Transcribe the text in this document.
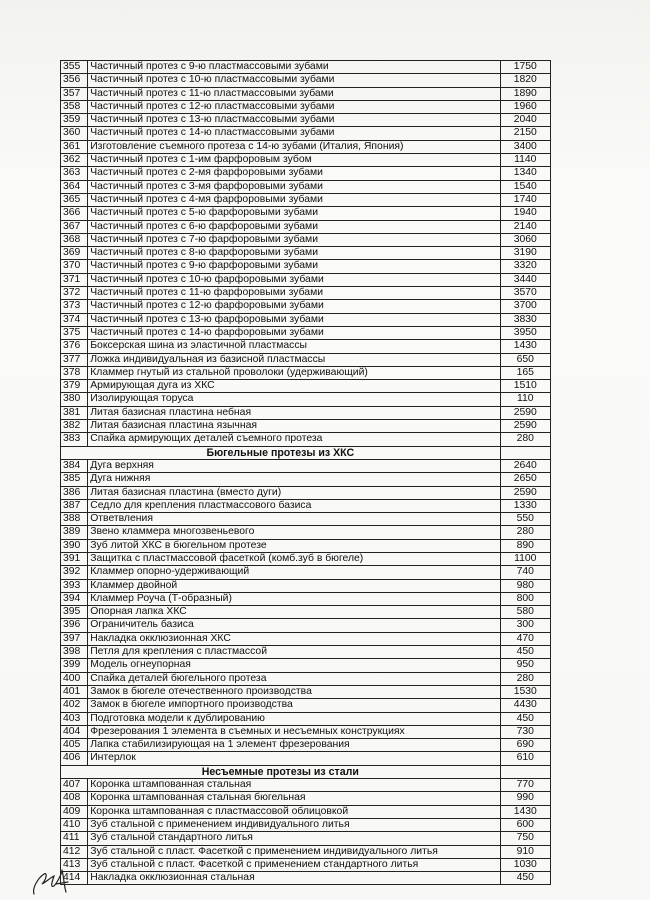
355	Частичный протез с 9-ю пластмассовыми зубами	1750
356	Частичный протез с 10-ю пластмассовыми зубами	1820
357	Частичный протез с 11-ю пластмассовыми зубами	1890
358	Частичный протез с 12-ю пластмассовыми зубами	1960
359	Частичный протез с 13-ю пластмассовыми зубами	2040
360	Частичный протез с 14-ю пластмассовыми зубами	2150
361	Изготовление съемного протеза с 14-ю зубами (Италия, Япония)	3400
362	Частичный протез с 1-им фарфоровым зубом	1140
363	Частичный протез с 2-мя фарфоровыми зубами	1340
364	Частичный протез с 3-мя фарфоровыми зубами	1540
365	Частичный протез с 4-мя фарфоровыми зубами	1740
366	Частичный протез с 5-ю фарфоровыми зубами	1940
367	Частичный протез с 6-ю фарфоровыми зубами	2140
368	Частичный протез с 7-ю фарфоровыми зубами	3060
369	Частичный протез с 8-ю фарфоровыми зубами	3190
370	Частичный протез с 9-ю фарфоровыми зубами	3320
371	Частичный протез с 10-ю фарфоровыми зубами	3440
372	Частичный протез с 11-ю фарфоровыми зубами	3570
373	Частичный протез с 12-ю фарфоровыми зубами	3700
374	Частичный протез с 13-ю фарфоровыми зубами	3830
375	Частичный протез с 14-ю фарфоровыми зубами	3950
376	Боксерская шина из эластичной пластмассы	1430
377	Ложка индивидуальная из базисной пластмассы	650
378	Кламмер гнутый из стальной проволоки (удерживающий)	165
379	Армирующая дуга из ХКС	1510
380	Изолирующая торуса	110
381	Литая базисная пластина небная	2590
382	Литая базисная пластина язычная	2590
383	Спайка армирующих деталей съемного протеза	280
Бюгельные протезы из ХКС		
384	Дуга верхняя	2640
385	Дуга нижняя	2650
386	Литая базисная пластина (вместо дуги)	2590
387	Седло для крепления пластмассового базиса	1330
388	Ответвления	550
389	Звено кламмера многозвеньевого	280
390	Зуб литой ХКС в бюгельном протезе	890
391	Защитка с пластмассовой фасеткой (комб.зуб в бюгеле)	1100
392	Кламмер опорно-удерживающий	740
393	Кламмер двойной	980
394	Кламмер Роуча (Т-образный)	800
395	Опорная лапка ХКС	580
396	Ограничитель базиса	300
397	Накладка окклюзионная ХКС	470
398	Петля для крепления с пластмассой	450
399	Модель огнеупорная	950
400	Спайка деталей бюгельного протеза	280
401	Замок в бюгеле отечественного производства	1530
402	Замок в бюгеле импортного производства	4430
403	Подготовка модели к дублированию	450
404	Фрезерования 1 элемента в съемных и несъемных конструкциях	730
405	Лапка стабилизирующая на 1 элемент фрезерования	690
406	Интерлок	610
Несъемные протезы из стали		
407	Коронка штампованная стальная	770
408	Коронка штампованная стальная бюгельная	990
409	Коронка штампованная с пластмассовой облицовкой	1430
410	Зуб стальной с применением индивидуального литья	600
411	Зуб стальной стандартного литья	750
412	Зуб стальной с пласт. Фасеткой с применением индивидуального литья	910
413	Зуб стальной с пласт. Фасеткой с применением стандартного литья	1030
414	Накладка окклюзионная стальная	450
